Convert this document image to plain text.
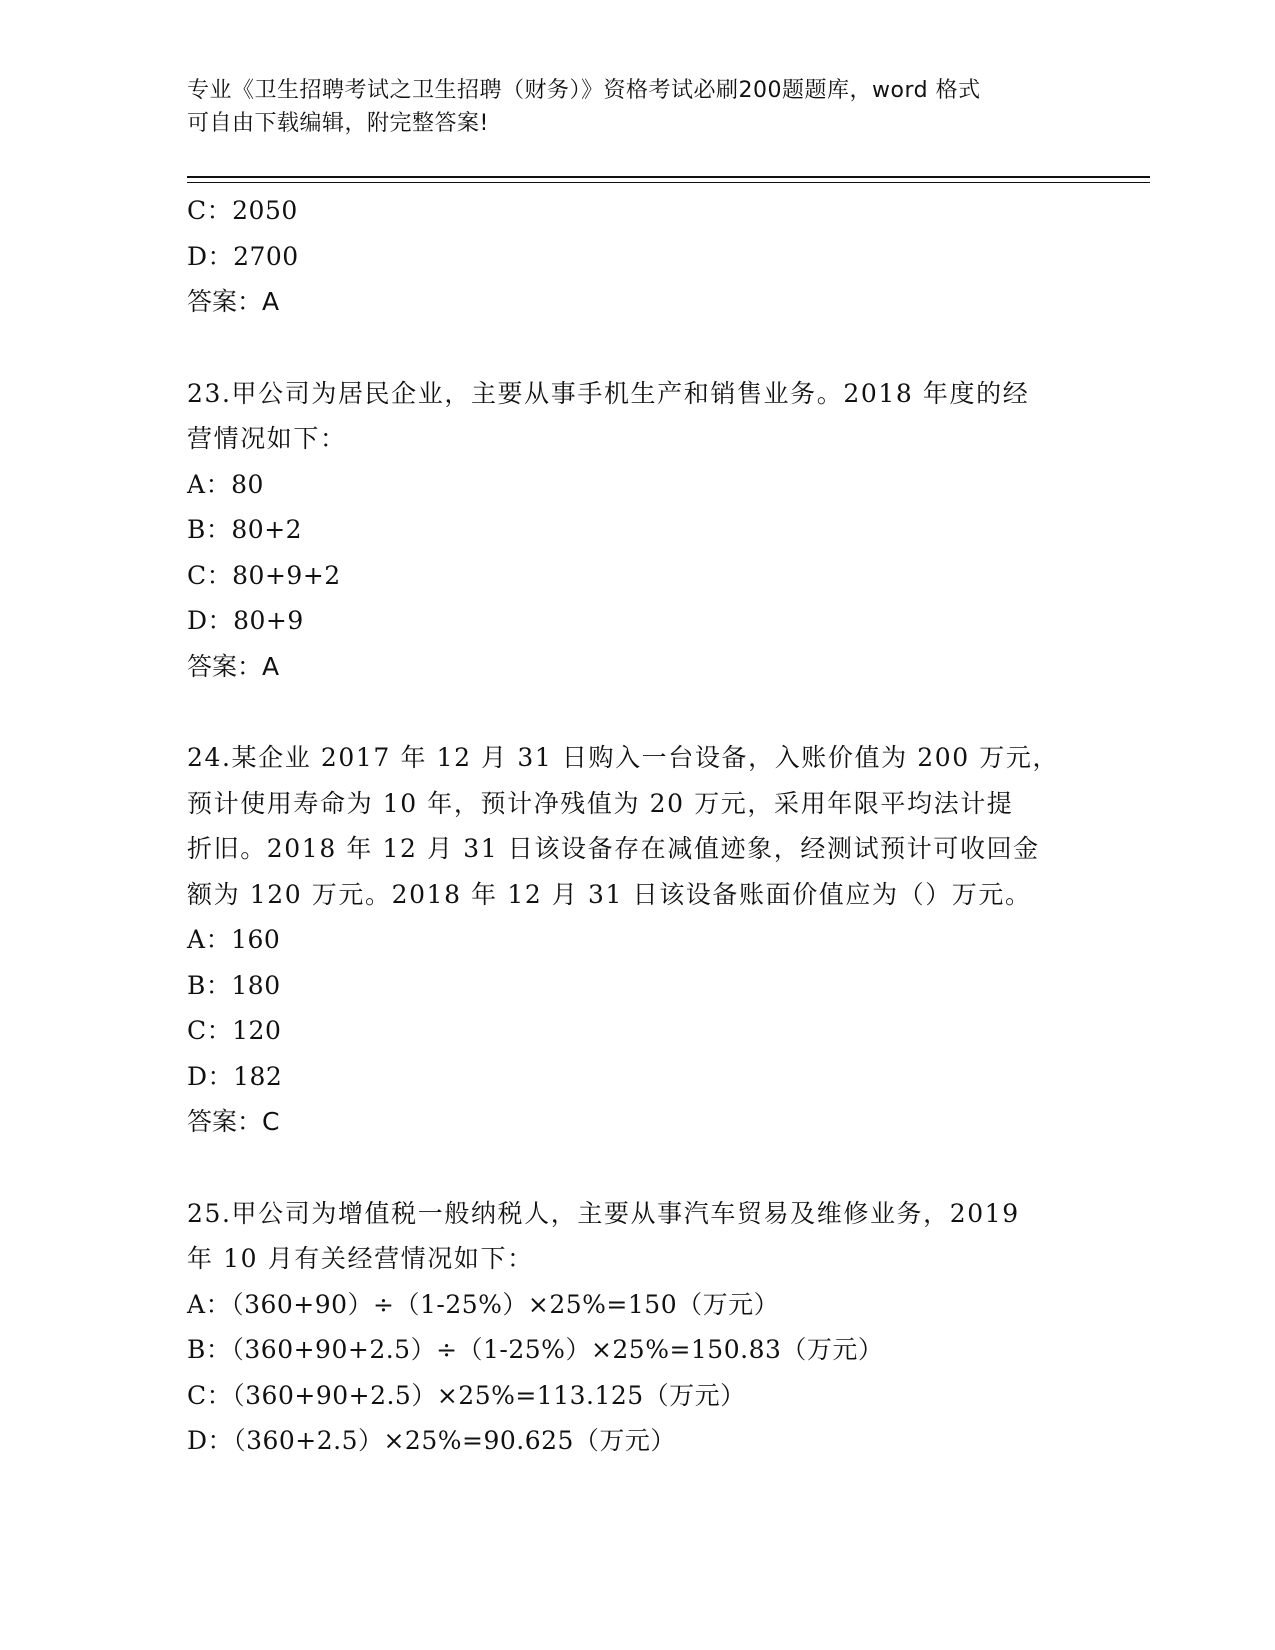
专业《卫生招聘考试之卫生招聘（财务）》资格考试必刷200题题库，word 格式
可自由下载编辑，附完整答案!
C：2050
D：2700
答案：A
23.甲公司为居民企业，主要从事手机生产和销售业务。2018 年度的经
营情况如下：
A：80
B：80+2
C：80+9+2
D：80+9
答案：A
24.某企业 2017 年 12 月 31 日购入一台设备，入账价值为 200 万元，
预计使用寿命为 10 年，预计净残值为 20 万元，采用年限平均法计提
折旧。2018 年 12 月 31 日该设备存在减值迹象，经测试预计可收回金
额为 120 万元。2018 年 12 月 31 日该设备账面价值应为（）万元。
A：160
B：180
C：120
D：182
答案：C
25.甲公司为增值税一般纳税人，主要从事汽车贸易及维修业务，2019
年 10 月有关经营情况如下：
A：（360+90）÷（1-25%）×25%=150（万元）
B：（360+90+2.5）÷（1-25%）×25%=150.83（万元）
C：（360+90+2.5）×25%=113.125（万元）
D：（360+2.5）×25%=90.625（万元）
